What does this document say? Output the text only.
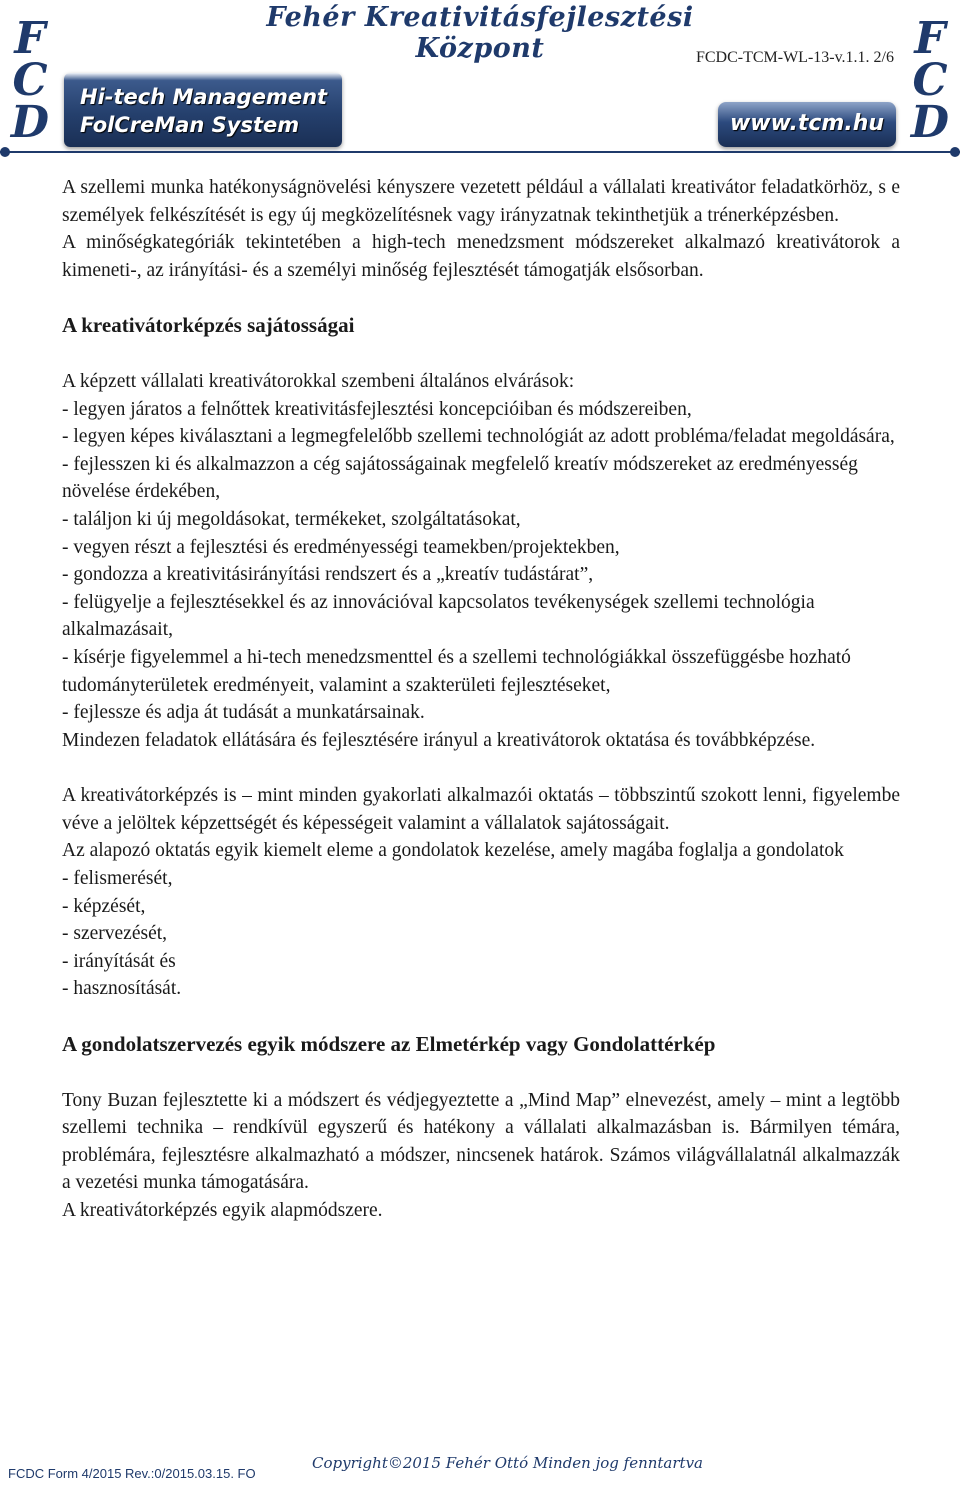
F
C
D
F
C
D
Fehér Kreativitásfejlesztési Központ	FCDC-TCM-WL-13-v.1.1. 2/6
Hi-tech Management
FolCreMan System	www.tcm.hu

A szellemi munka hatékonyságnövelési kényszere vezetett például a vállalati kreativátor feladatkörhöz, s e személyek felkészítését is egy új megközelítésnek vagy irányzatnak tekinthetjük a trénerképzésben.

A minőségkategóriák tekintetében a high-tech menedzsment módszereket alkalmazó kreativátorok a kimeneti-, az irányítási- és a személyi minőség fejlesztését támogatják elsősorban.

A kreativátorképzés sajátosságai

A képzett vállalati kreativátorokkal szembeni általános elvárások:

- legyen járatos a felnőttek kreativitásfejlesztési koncepcióiban és módszereiben,

- legyen képes kiválasztani a legmegfelelőbb szellemi technológiát az adott probléma/feladat megoldására,

- fejlesszen ki és alkalmazzon a cég sajátosságainak megfelelő kreatív módszereket az eredményesség növelése érdekében,

- találjon ki új megoldásokat, termékeket, szolgáltatásokat,

- vegyen részt a fejlesztési és eredményességi teamekben/projektekben,

- gondozza a kreativitásirányítási rendszert és a „kreatív tudástárat”,

- felügyelje a fejlesztésekkel és az innovációval kapcsolatos tevékenységek szellemi technológia alkalmazásait,

- kísérje figyelemmel a hi-tech menedzsmenttel és a szellemi technológiákkal összefüggésbe hozható tudományterületek eredményeit, valamint a szakterületi fejlesztéseket,

- fejlessze és adja át tudását a munkatársainak.

Mindezen feladatok ellátására és fejlesztésére irányul a kreativátorok oktatása és továbbképzése.

A kreativátorképzés is – mint minden gyakorlati alkalmazói oktatás – többszintű szokott lenni, figyelembe véve a jelöltek képzettségét és képességeit valamint a vállalatok sajátosságait.

Az alapozó oktatás egyik kiemelt eleme a gondolatok kezelése, amely magába foglalja a gondolatok

- felismerését,

- képzését,

- szervezését,

- irányítását és

- hasznosítását.

A gondolatszervezés egyik módszere az Elmetérkép vagy Gondolattérkép

Tony Buzan fejlesztette ki a módszert és védjegyeztette a „Mind Map” elnevezést, amely – mint a legtöbb szellemi technika – rendkívül egyszerű és hatékony a vállalati alkalmazásban is. Bármilyen témára, problémára, fejlesztésre alkalmazható a módszer, nincsenek határok. Számos világvállalatnál alkalmazzák a vezetési munka támogatására.

A kreativátorképzés egyik alapmódszere.

FCDC Form 4/2015 Rev.:0/2015.03.15. FO
Copyright©2015 Fehér Ottó Minden jog fenntartva
